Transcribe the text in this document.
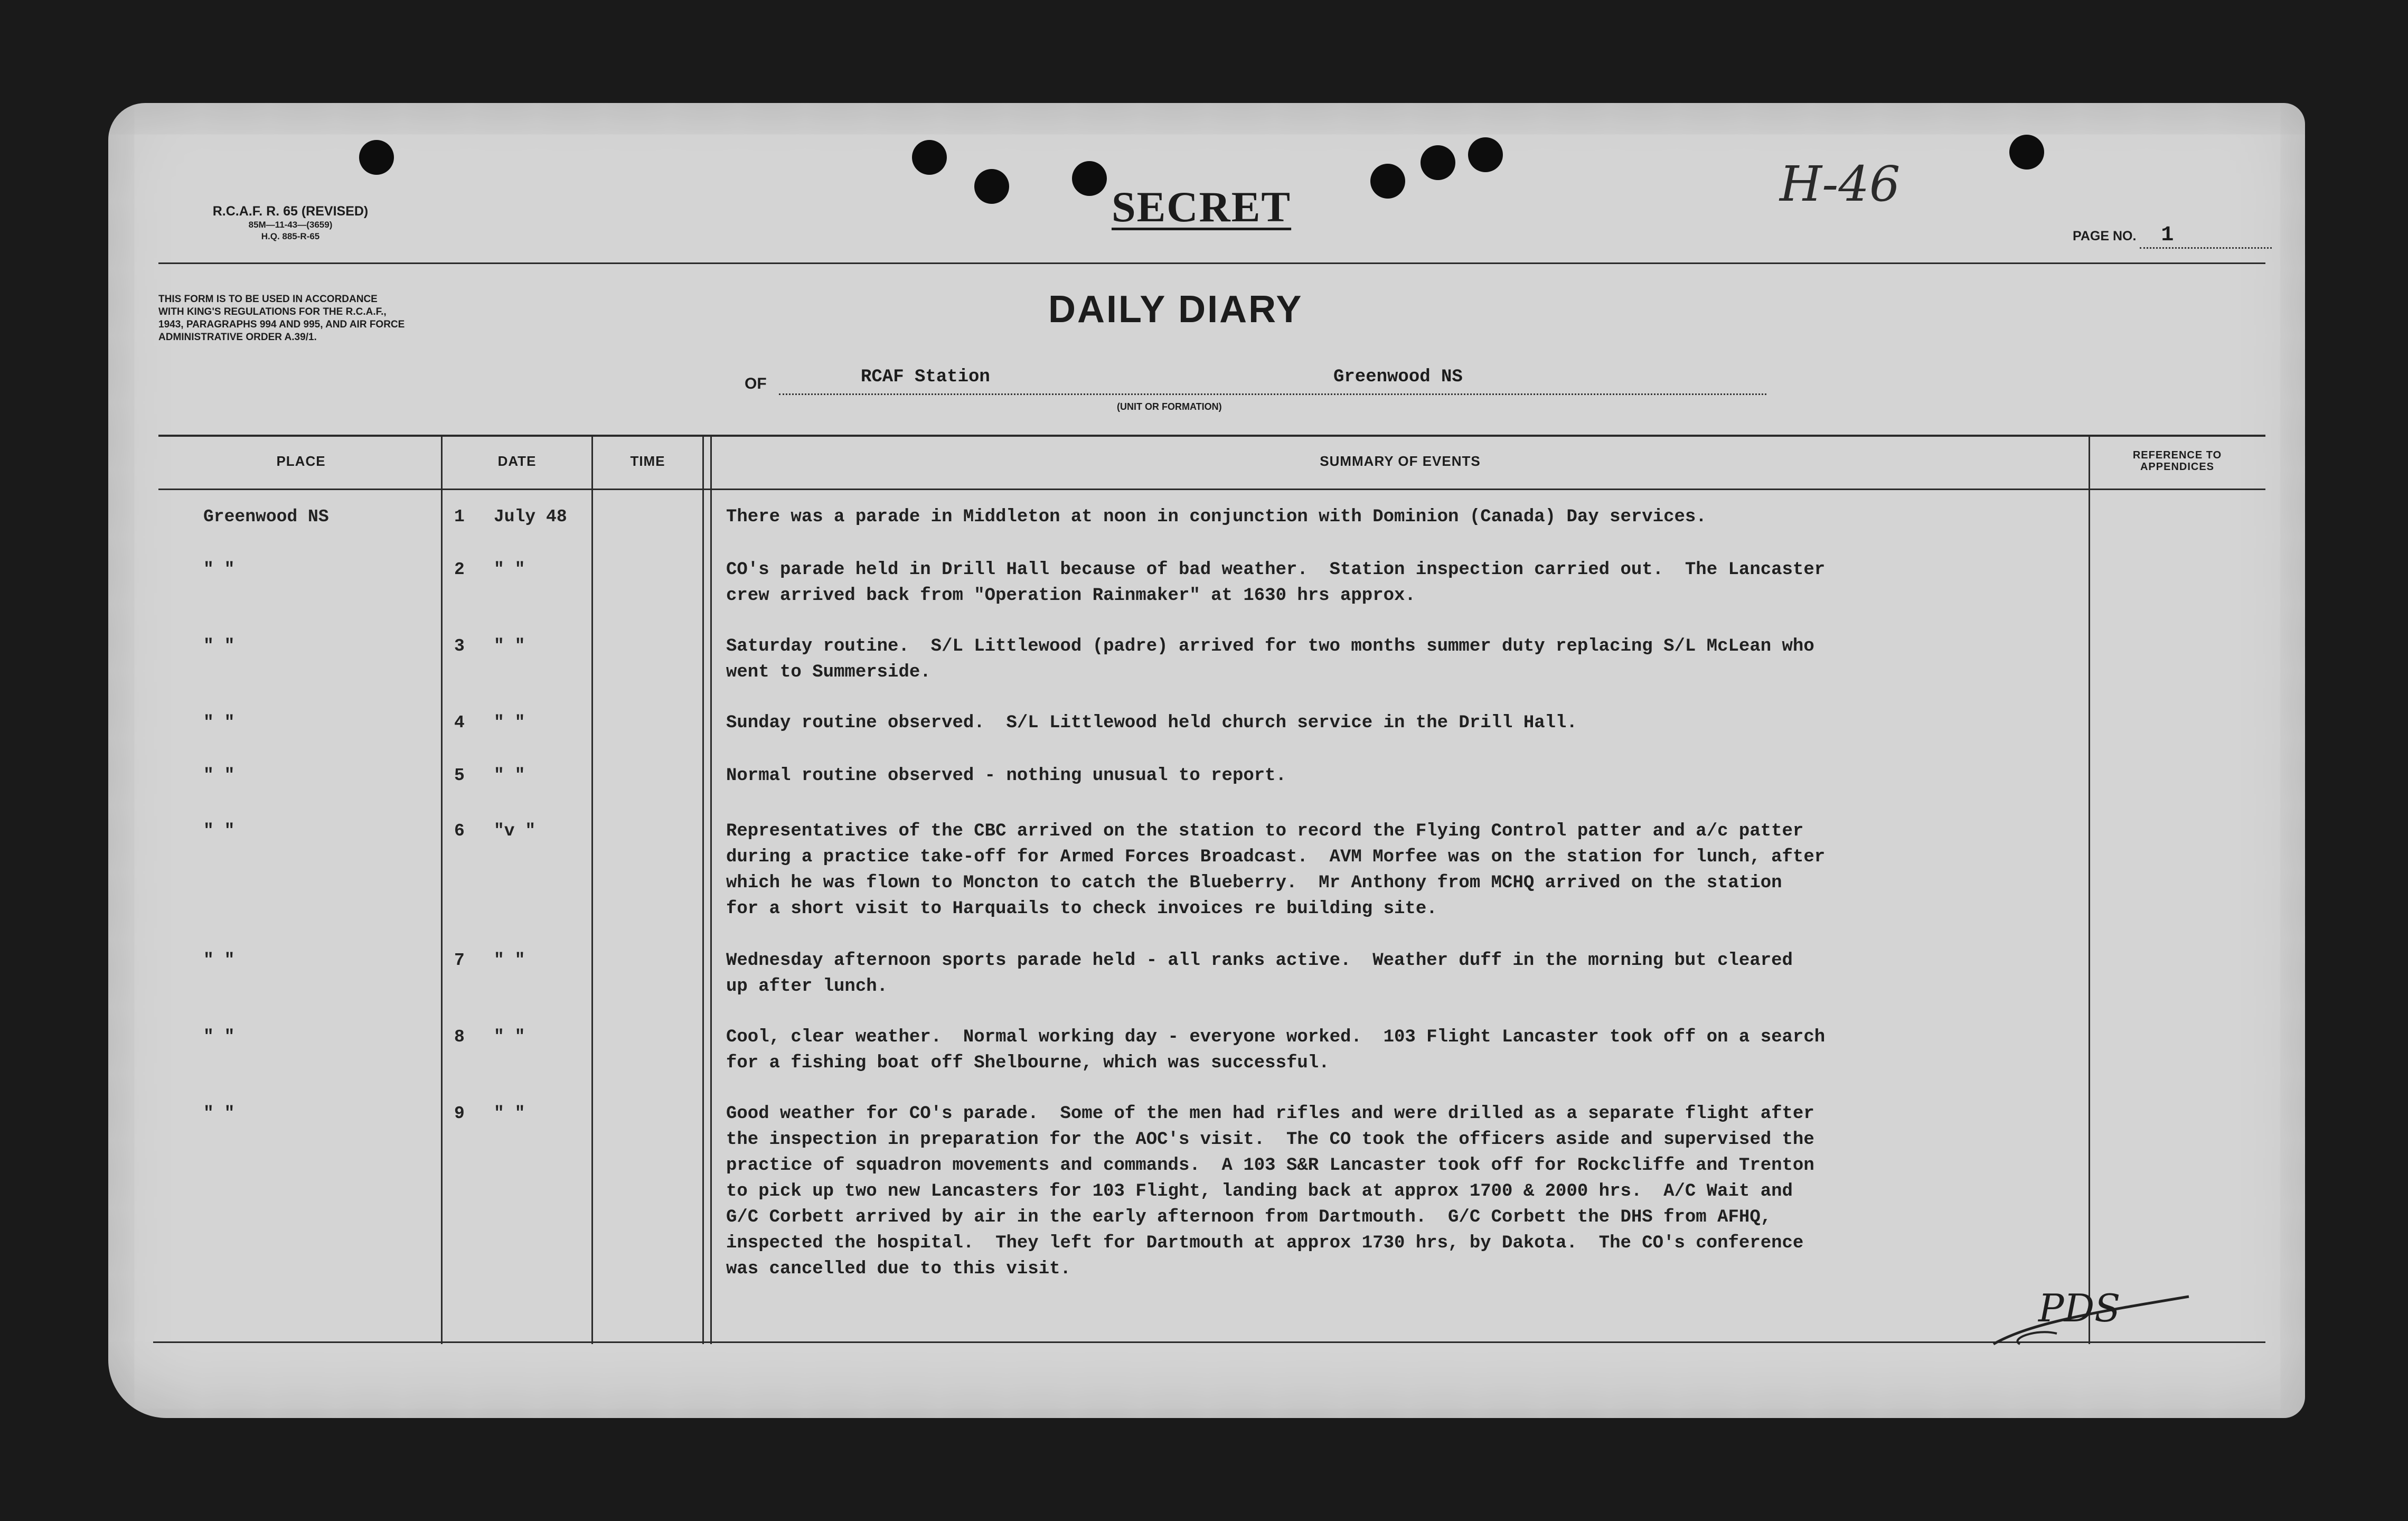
R.C.A.F. R. 65 (REVISED)
85M—11-43—(3659)
H.Q. 885-R-65
THIS FORM IS TO BE USED IN ACCORDANCE
WITH KING'S REGULATIONS FOR THE R.C.A.F.,
1943, PARAGRAPHS 994 AND 995, AND AIR FORCE
ADMINISTRATIVE ORDER A.39/1.
SECRET	H-46
PAGE NO. 1
DAILY DIARY
OF	RCAF Station	Greenwood NS
(UNIT OR FORMATION)
PLACE	DATE	TIME	SUMMARY OF EVENTS	REFERENCE TO
APPENDICES
Greenwood NS	1	July 48	There was a parade in Middleton at noon in conjunction with Dominion (Canada) Day services.
" "	2	" "	CO's parade held in Drill Hall because of bad weather.  Station inspection carried out.  The Lancaster
crew arrived back from "Operation Rainmaker" at 1630 hrs approx.
" "	3	" "	Saturday routine.  S/L Littlewood (padre) arrived for two months summer duty replacing S/L McLean who
went to Summerside.
" "	4	" "	Sunday routine observed.  S/L Littlewood held church service in the Drill Hall.
" "	5	" "	Normal routine observed - nothing unusual to report.
" "	6	"v "	Representatives of the CBC arrived on the station to record the Flying Control patter and a/c patter
during a practice take-off for Armed Forces Broadcast.  AVM Morfee was on the station for lunch, after
which he was flown to Moncton to catch the Blueberry.  Mr Anthony from MCHQ arrived on the station
for a short visit to Harquails to check invoices re building site.
" "	7	" "	Wednesday afternoon sports parade held - all ranks active.  Weather duff in the morning but cleared
up after lunch.
" "	8	" "	Cool, clear weather.  Normal working day - everyone worked.  103 Flight Lancaster took off on a search
for a fishing boat off Shelbourne, which was successful.
" "	9	" "	Good weather for CO's parade.  Some of the men had rifles and were drilled as a separate flight after
the inspection in preparation for the AOC's visit.  The CO took the officers aside and supervised the
practice of squadron movements and commands.  A 103 S&R Lancaster took off for Rockcliffe and Trenton
to pick up two new Lancasters for 103 Flight, landing back at approx 1700 & 2000 hrs.  A/C Wait and
G/C Corbett arrived by air in the early afternoon from Dartmouth.  G/C Corbett the DHS from AFHQ,
inspected the hospital.  They left for Dartmouth at approx 1730 hrs, by Dakota.  The CO's conference
was cancelled due to this visit.
PDS
